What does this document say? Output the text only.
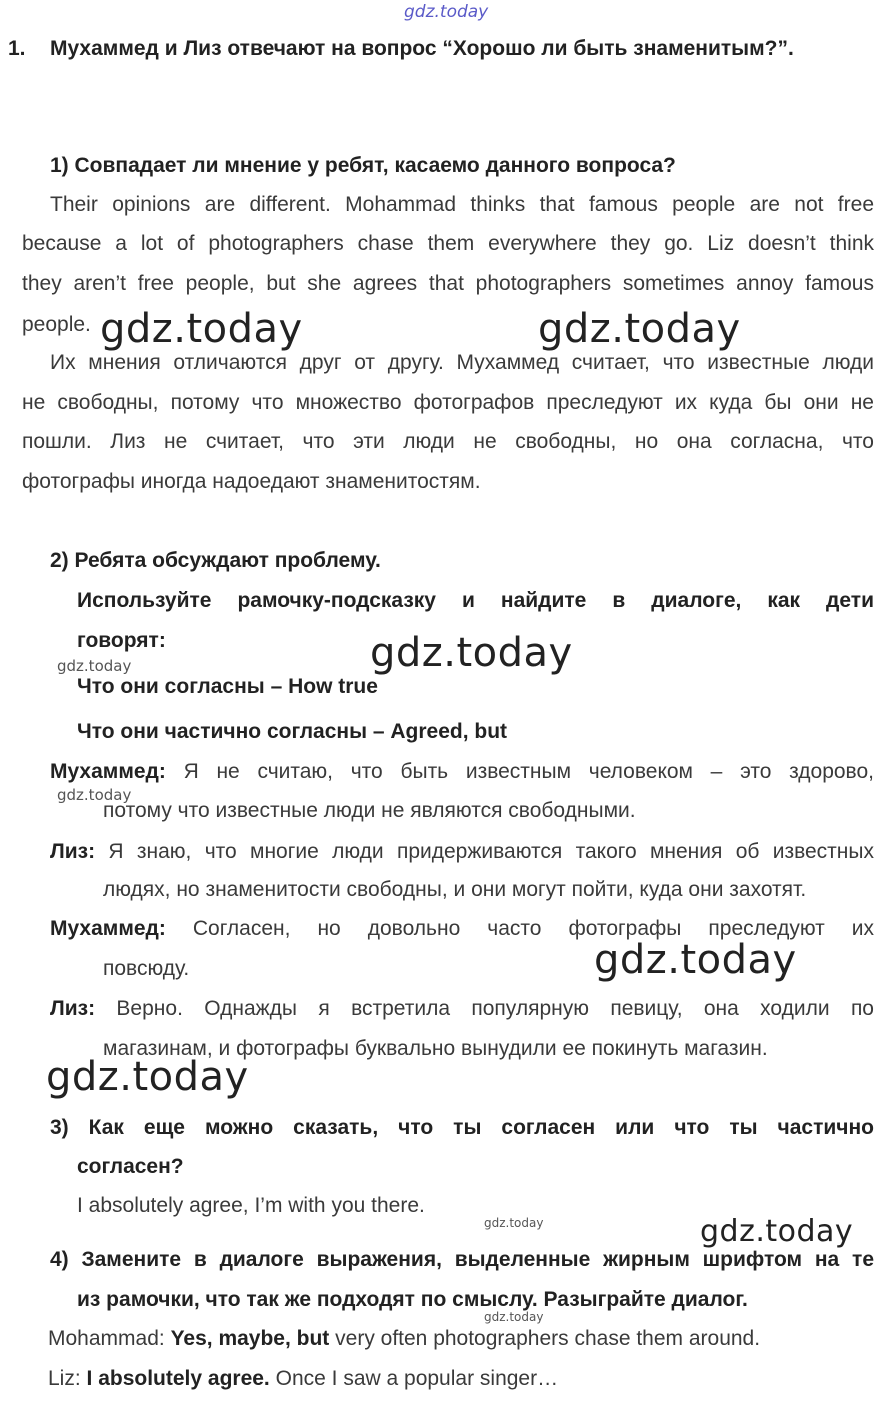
gdz.today
1. Мухаммед и Лиз отвечают на вопрос “Хорошо ли быть знаменитым?”.
1) Совпадает ли мнение у ребят, касаемо данного вопроса?
Their opinions are different. Mohammad thinks that famous people are not free
because a lot of photographers chase them everywhere they go. Liz doesn’t think
they aren’t free people, but she agrees that photographers sometimes annoy famous
people.
Их мнения отличаются друг от другу. Мухаммед считает, что известные люди
не свободны, потому что множество фотографов преследуют их куда бы они не
пошли. Лиз не считает, что эти люди не свободны, но она согласна, что
фотографы иногда надоедают знаменитостям.
2) Ребята обсуждают проблему.
Используйте рамочку-подсказку и найдите в диалоге, как дети
говорят:
Что они согласны – How true
Что они частично согласны – Agreed, but
Мухаммед: Я не считаю, что быть известным человеком – это здорово,
потому что известные люди не являются свободными.
Лиз: Я знаю, что многие люди придерживаются такого мнения об известных
людях, но знаменитости свободны, и они могут пойти, куда они захотят.
Мухаммед: Согласен, но довольно часто фотографы преследуют их
повсюду.
Лиз: Верно. Однажды я встретила популярную певицу, она ходили по
магазинам, и фотографы буквально вынудили ее покинуть магазин.
3) Как еще можно сказать, что ты согласен или что ты частично
согласен?
I absolutely agree, I’m with you there.
4) Замените в диалоге выражения, выделенные жирным шрифтом на те
из рамочки, что так же подходят по смыслу. Разыграйте диалог.
Mohammad: Yes, maybe, but very often photographers chase them around.
Liz: I absolutely agree. Once I saw a popular singer…
gdz.today	gdz.today
gdz.today
gdz.today
gdz.today
gdz.today
gdz.today
gdz.today
gdz.today
gdz.today
